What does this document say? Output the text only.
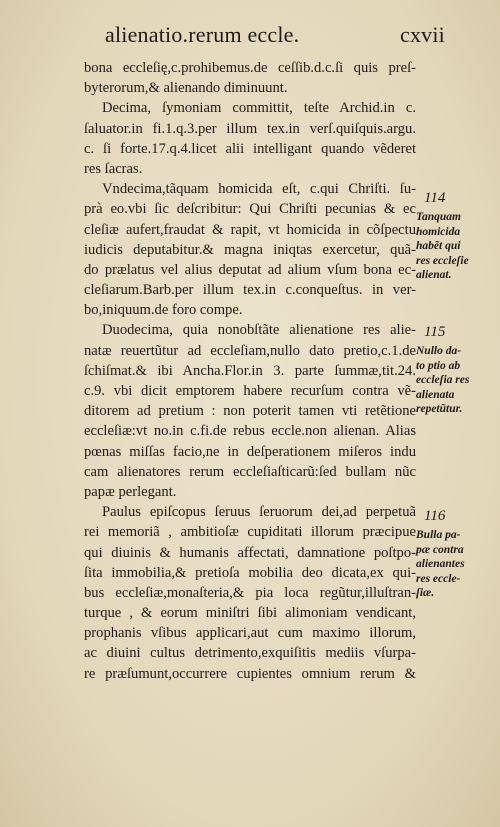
alienatio.rerum eccle.	cxvii
bona eccleſię,c.prohibemus.de ceſſib.d.c.ſi quis preſ-
byterorum,& alienando diminuunt.
Decima, ſymoniam committit, teſte Archid.in c.
ſaluator.in fi.1.q.3.per illum tex.in verſ.quiſquis.argu.
c. ſi forte.17.q.4.licet alii intelligant quando vẽderet
res ſacras.
Vndecima,tãquam homicida eſt, c.qui Chriſti. ſu-
prà eo.vbi ſic deſcribitur: Qui Chriſti pecunias & ec
cleſiæ aufert,fraudat & rapit, vt homicida in cõſpectu
iudicis deputabitur.& magna iniqtas exercetur, quã-
do prælatus vel alius deputat ad alium vſum bona ec-
cleſiarum.Barb.per illum tex.in c.conqueſtus. in ver-
bo,iniquum.de foro compe.
Duodecima, quia nonobſtãte alienatione res alie-
natæ reuertũtur ad eccleſiam,nullo dato pretio,c.1.de
ſchiſmat.& ibi Ancha.Flor.in 3. parte ſummæ,tit.24.
c.9. vbi dicit emptorem habere recurſum contra vẽ-
ditorem ad pretium : non poterit tamen vti retẽtione
eccleſiæ:vt no.in c.fi.de rebus eccle.non alienan. Alias
pœnas miſſas facio,ne in deſperationem miſeros indu
cam alienatores rerum eccleſiaſticarũ:ſed bullam nũc
papæ perlegant.
Paulus epiſcopus ſeruus ſeruorum dei,ad perpetuã
rei memoriã , ambitioſæ cupiditati illorum præcipue
qui diuinis & humanis affectati, damnatione poſtpo-
ſita immobilia,& pretioſa mobilia deo dicata,ex qui-
bus eccleſiæ,monaſteria,& pia loca regũtur,illuſtran-
turque , & eorum miniſtri ſibi alimoniam vendicant,
prophanis vſibus applicari,aut cum maximo illorum,
ac diuini cultus detrimento,exquiſitis mediis vſurpa-
re præſumunt,occurrere cupientes omnium rerum &
114
Tanquam
homicida
habẽt qui
res eccleſie
alienat.
115
Nullo da-
to ptio ab
eccleſia res
alienata
repetũtur.
116
Bulla pa-
pæ contra
alienantes
res eccle-
ſiæ.
